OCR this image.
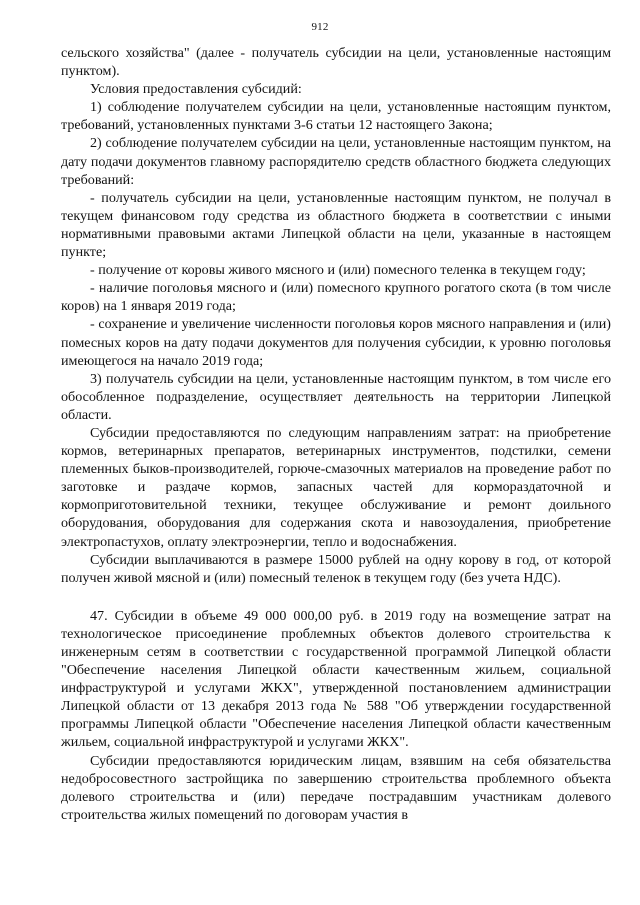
912

сельского хозяйства" (далее - получатель субсидии на цели, установленные настоящим пунктом).

Условия предоставления субсидий:

1) соблюдение получателем субсидии на цели, установленные настоящим пунктом, требований, установленных пунктами 3-6 статьи 12 настоящего Закона;

2) соблюдение получателем субсидии на цели, установленные настоящим пунктом, на дату подачи документов главному распорядителю средств областного бюджета следующих требований:

- получатель субсидии на цели, установленные настоящим пунктом, не получал в текущем финансовом году средства из областного бюджета в соответствии с иными нормативными правовыми актами Липецкой области на цели, указанные в настоящем пункте;

- получение от коровы живого мясного и (или) помесного теленка в текущем году;

- наличие поголовья мясного и (или) помесного крупного рогатого скота (в том числе коров) на 1 января 2019 года;

- сохранение и увеличение численности поголовья коров мясного направления и (или) помесных коров на дату подачи документов для получения субсидии, к уровню поголовья имеющегося на начало 2019 года;

3) получатель субсидии на цели, установленные настоящим пунктом, в том числе его обособленное подразделение, осуществляет деятельность на территории Липецкой области.

Субсидии предоставляются по следующим направлениям затрат: на приобретение кормов, ветеринарных препаратов, ветеринарных инструментов, подстилки, семени племенных быков-производителей, горюче-смазочных материалов на проведение работ по заготовке и раздаче кормов, запасных частей для кормораздаточной и кормоприготовительной техники, текущее обслуживание и ремонт доильного оборудования, оборудования для содержания скота и навозоудаления, приобретение электропастухов, оплату электроэнергии, тепло и водоснабжения.

Субсидии выплачиваются в размере 15000 рублей на одну корову в год, от которой получен живой мясной и (или) помесный теленок в текущем году (без учета НДС).

47. Субсидии в объеме 49 000 000,00 руб. в 2019 году на возмещение затрат на технологическое присоединение проблемных объектов долевого строительства к инженерным сетям в соответствии с государственной программой Липецкой области "Обеспечение населения Липецкой области качественным жильем, социальной инфраструктурой и услугами ЖКХ", утвержденной постановлением администрации Липецкой области от 13 декабря 2013 года № 588 "Об утверждении государственной программы Липецкой области "Обеспечение населения Липецкой области качественным жильем, социальной инфраструктурой и услугами ЖКХ".

Субсидии предоставляются юридическим лицам, взявшим на себя обязательства недобросовестного застройщика по завершению строительства проблемного объекта долевого строительства и (или) передаче пострадавшим участникам долевого строительства жилых помещений по договорам участия в
